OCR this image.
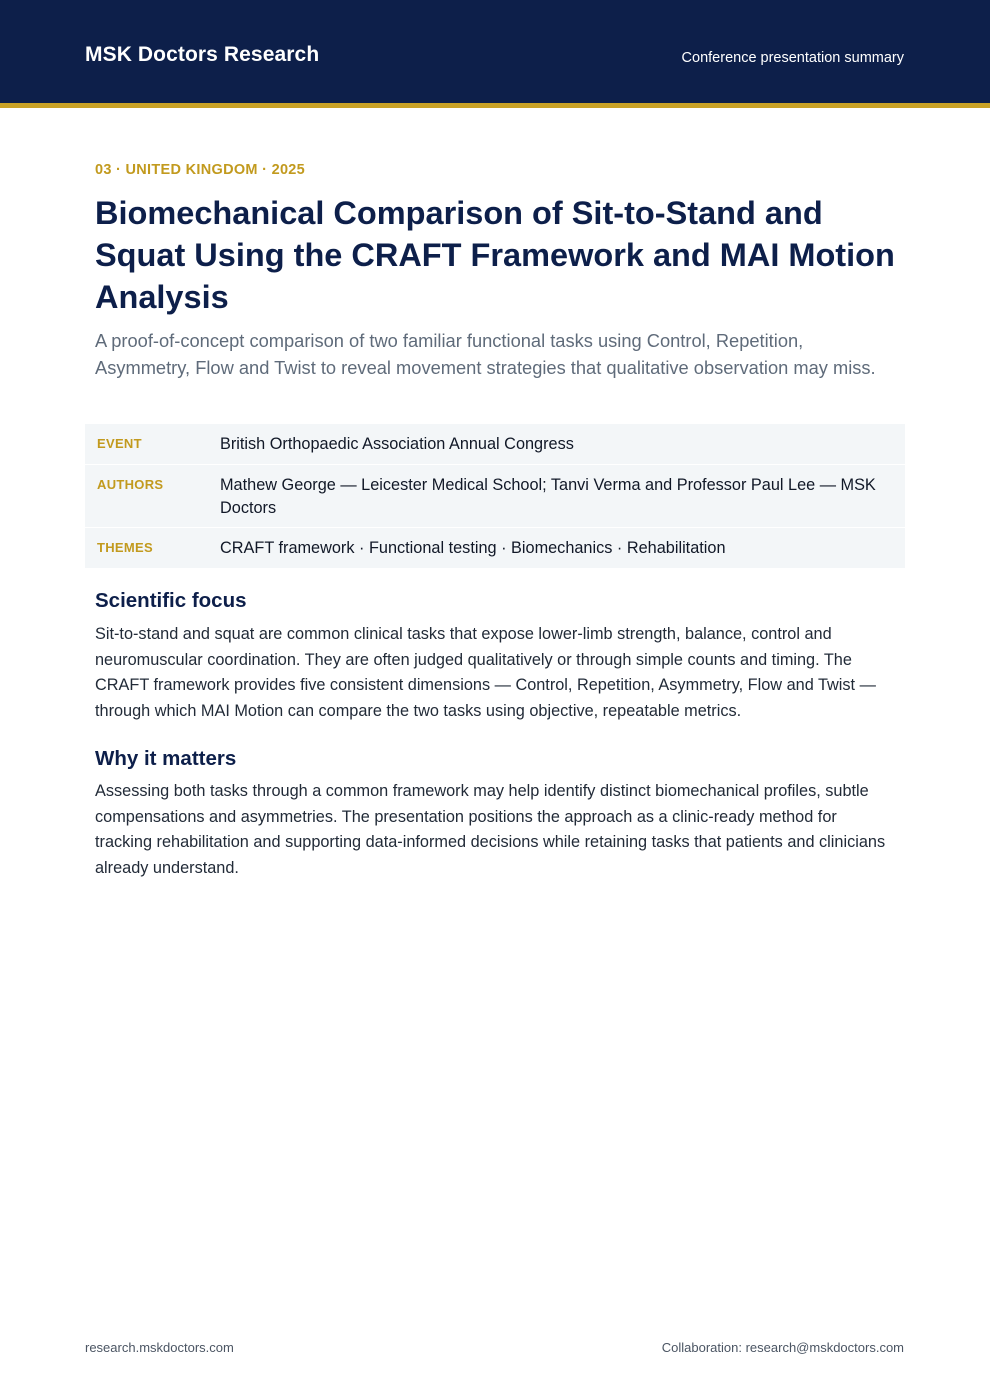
MSK Doctors Research	Conference presentation summary
03 · UNITED KINGDOM · 2025
Biomechanical Comparison of Sit-to-Stand and Squat Using the CRAFT Framework and MAI Motion Analysis

A proof-of-concept comparison of two familiar functional tasks using Control, Repetition, Asymmetry, Flow and Twist to reveal movement strategies that qualitative observation may miss.

EVENT	British Orthopaedic Association Annual Congress
AUTHORS	Mathew George — Leicester Medical School; Tanvi Verma and Professor Paul Lee — MSK Doctors
THEMES	CRAFT framework · Functional testing · Biomechanics · Rehabilitation
Scientific focus

Sit-to-stand and squat are common clinical tasks that expose lower-limb strength, balance, control and neuromuscular coordination. They are often judged qualitatively or through simple counts and timing. The CRAFT framework provides five consistent dimensions — Control, Repetition, Asymmetry, Flow and Twist — through which MAI Motion can compare the two tasks using objective, repeatable metrics.

Why it matters

Assessing both tasks through a common framework may help identify distinct biomechanical profiles, subtle compensations and asymmetries. The presentation positions the approach as a clinic-ready method for tracking rehabilitation and supporting data-informed decisions while retaining tasks that patients and clinicians already understand.

research.mskdoctors.com	Collaboration: research@mskdoctors.com
